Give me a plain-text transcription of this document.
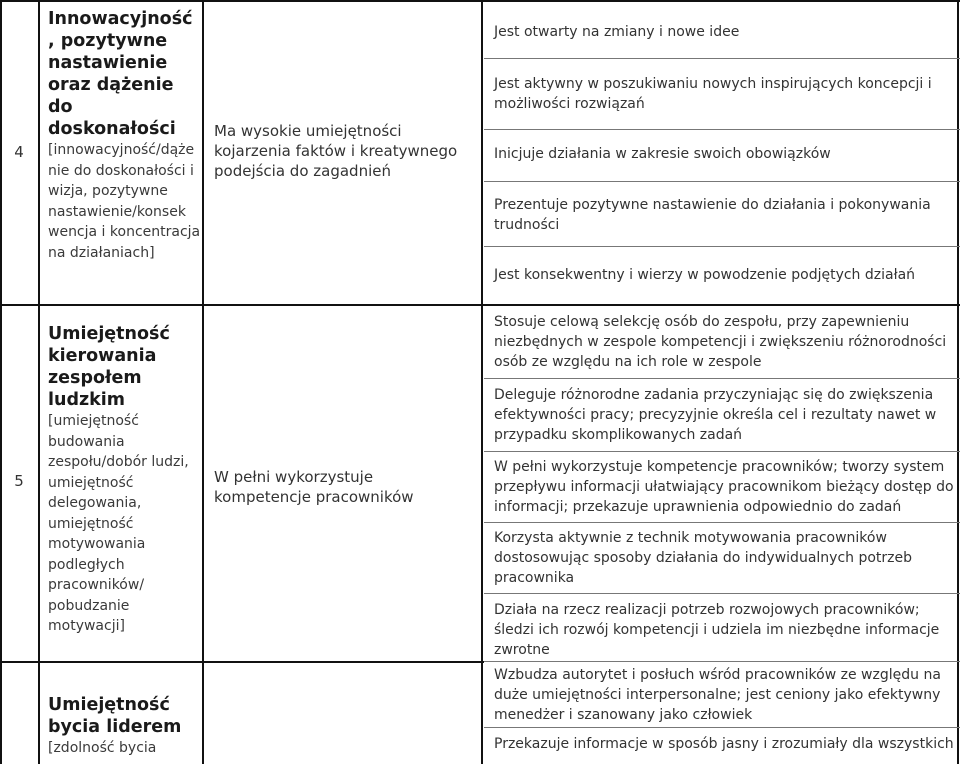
4
Innowacyjność , pozytywne nastawienie oraz dążenie do doskonałości
[innowacyjność/dąże nie do doskonałości i wizja, pozytywne nastawienie/konsek wencja i koncentracja na działaniach]
Ma wysokie umiejętności kojarzenia faktów i kreatywnego podejścia do zagadnień
Jest otwarty na zmiany i nowe idee
Jest aktywny w poszukiwaniu nowych inspirujących koncepcji i możliwości rozwiązań
Inicjuje działania w zakresie swoich obowiązków
Prezentuje pozytywne nastawienie do działania i pokonywania trudności
Jest konsekwentny i wierzy w powodzenie podjętych działań
5
Umiejętność kierowania zespołem ludzkim
[umiejętność budowania zespołu/dobór ludzi, umiejętność delegowania, umiejętność motywowania podległych pracowników/ pobudzanie motywacji]
W pełni wykorzystuje kompetencje pracowników
Stosuje celową selekcję osób do zespołu, przy zapewnieniu niezbędnych w zespole kompetencji i zwiększeniu różnorodności osób ze względu na ich role w zespole
Deleguje różnorodne zadania przyczyniając się do zwiększenia efektywności pracy; precyzyjnie określa cel i rezultaty nawet w przypadku skomplikowanych zadań
W pełni wykorzystuje kompetencje pracowników; tworzy system przepływu informacji ułatwiający pracownikom bieżący dostęp do informacji; przekazuje uprawnienia odpowiednio do zadań
Korzysta aktywnie z technik motywowania pracowników dostosowując sposoby działania do indywidualnych potrzeb pracownika
Działa na rzecz realizacji potrzeb rozwojowych pracowników; śledzi ich rozwój kompetencji i udziela im niezbędne informacje zwrotne
Wzbudza autorytet i posłuch wśród pracowników ze względu na duże umiejętności interpersonalne; jest ceniony jako efektywny menedżer i szanowany jako człowiek
Przekazuje informacje w sposób jasny i zrozumiały dla wszystkich
Umiejętność bycia liderem
[zdolność bycia
